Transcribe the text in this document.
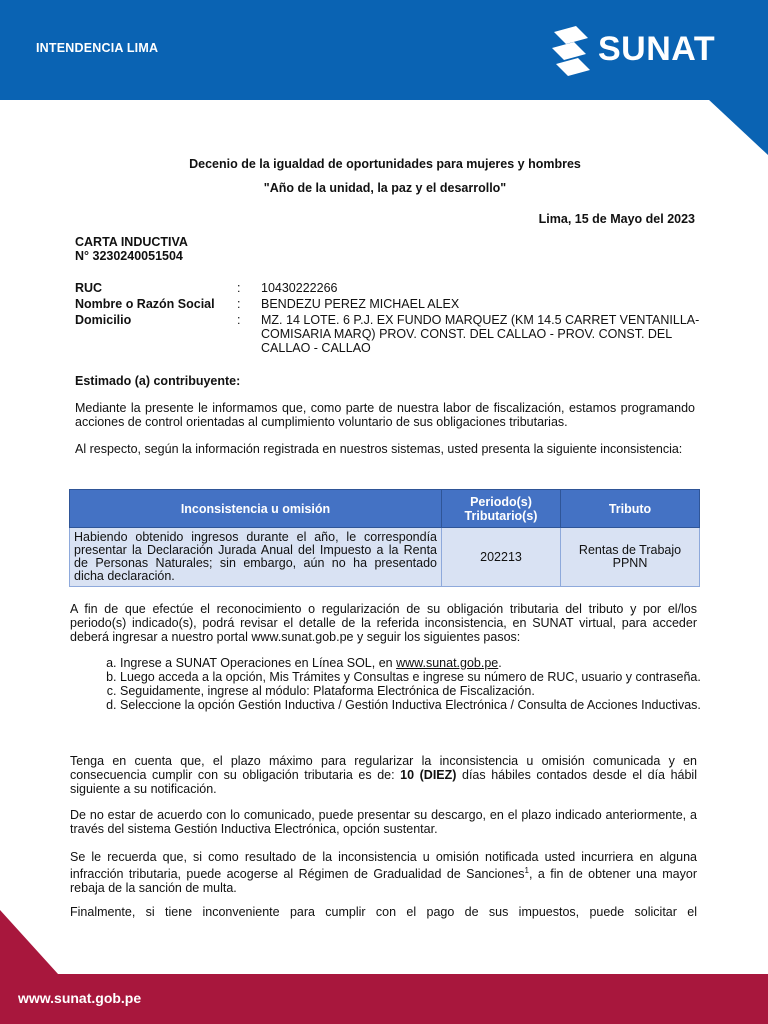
INTENDENCIA LIMA	SUNAT
Decenio de la igualdad de oportunidades para mujeres y hombres
"Año de la unidad, la paz y el desarrollo"
Lima, 15 de Mayo del 2023
CARTA INDUCTIVA
N° 3230240051504
RUC	:	10430222266
Nombre o Razón Social	:	BENDEZU PEREZ MICHAEL ALEX
Domicilio	:	MZ. 14 LOTE. 6 P.J. EX FUNDO MARQUEZ (KM 14.5 CARRET VENTANILLA-COMISARIA MARQ) PROV. CONST. DEL CALLAO - PROV. CONST. DEL CALLAO - CALLAO
Estimado (a) contribuyente:
Mediante la presente le informamos que, como parte de nuestra labor de fiscalización, estamos programando acciones de control orientadas al cumplimiento voluntario de sus obligaciones tributarias.
Al respecto, según la información registrada en nuestros sistemas, usted presenta la siguiente inconsistencia:
Inconsistencia u omisión	Periodo(s) Tributario(s)	Tributo
Habiendo obtenido ingresos durante el año, le correspondía presentar la Declaración Jurada Anual del Impuesto a la Renta de Personas Naturales; sin embargo, aún no ha presentado dicha declaración.	202213	Rentas de Trabajo PPNN
A fin de que efectúe el reconocimiento o regularización de su obligación tributaria del tributo y por el/los periodo(s) indicado(s), podrá revisar el detalle de la referida inconsistencia, en SUNAT virtual, para acceder deberá ingresar a nuestro portal www.sunat.gob.pe y seguir los siguientes pasos:
a. Ingrese a SUNAT Operaciones en Línea SOL, en www.sunat.gob.pe.
b. Luego acceda a la opción, Mis Trámites y Consultas e ingrese su número de RUC, usuario y contraseña.
c. Seguidamente, ingrese al módulo: Plataforma Electrónica de Fiscalización.
d. Seleccione la opción Gestión Inductiva / Gestión Inductiva Electrónica / Consulta de Acciones Inductivas.
Tenga en cuenta que, el plazo máximo para regularizar la inconsistencia u omisión comunicada y en consecuencia cumplir con su obligación tributaria es de: 10 (DIEZ) días hábiles contados desde el día hábil siguiente a su notificación.
De no estar de acuerdo con lo comunicado, puede presentar su descargo, en el plazo indicado anteriormente, a través del sistema Gestión Inductiva Electrónica, opción sustentar.
Se le recuerda que, si como resultado de la inconsistencia u omisión notificada usted incurriera en alguna infracción tributaria, puede acogerse al Régimen de Gradualidad de Sanciones$^1$, a fin de obtener una mayor rebaja de la sanción de multa.
Finalmente, si tiene inconveniente para cumplir con el pago de sus impuestos, puede solicitar el
www.sunat.gob.pe
